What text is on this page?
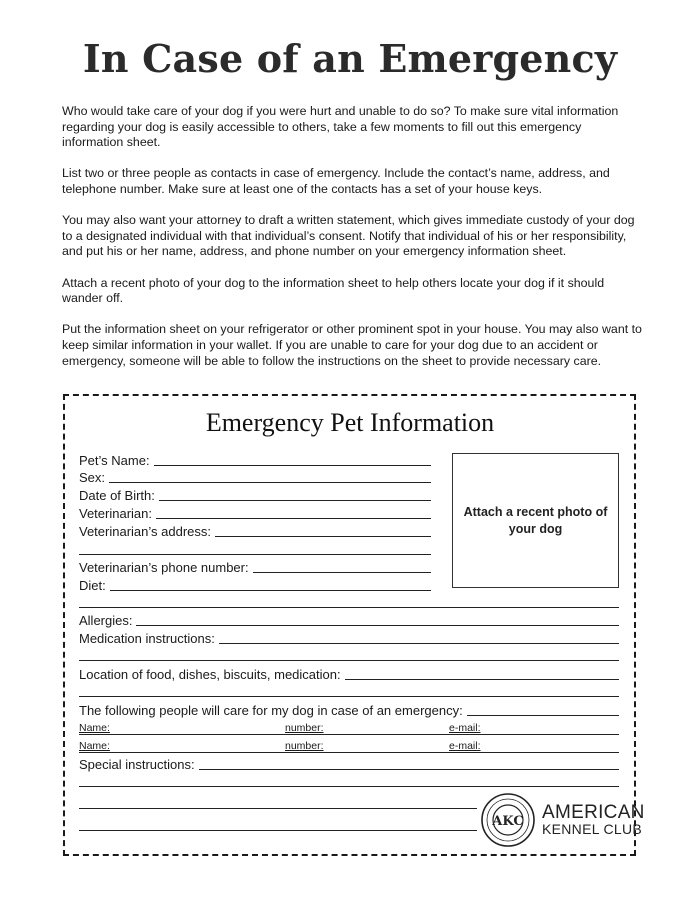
In Case of an Emergency

Who would take care of your dog if you were hurt and unable to do so? To make sure vital information regarding your dog is easily accessible to others, take a few moments to fill out this emergency information sheet.

List two or three people as contacts in case of emergency. Include the contact’s name, address, and telephone number. Make sure at least one of the contacts has a set of your house keys.

You may also want your attorney to draft a written statement, which gives immediate custody of your dog to a designated individual with that individual’s consent. Notify that individual of his or her responsibility, and put his or her name, address, and phone number on your emergency information sheet.

Attach a recent photo of your dog to the information sheet to help others locate your dog if it should wander off.

Put the information sheet on your refrigerator or other prominent spot in your house. You may also want to keep similar information in your wallet. If you are unable to care for your dog due to an accident or emergency, someone will be able to follow the instructions on the sheet to provide necessary care.

Emergency Pet Information
Pet’s Name:
Sex:
Date of Birth:
Veterinarian:
Veterinarian’s address:
Veterinarian’s phone number:
Diet:
Attach a recent photo of your dog
Allergies:
Medication instructions:
Location of food, dishes, biscuits, medication:
The following people will care for my dog in case of an emergency:
Name:	number:	e-mail:
Name:	number:	e-mail:
Special instructions:
AKC AMERICAN
KENNEL CLUB
